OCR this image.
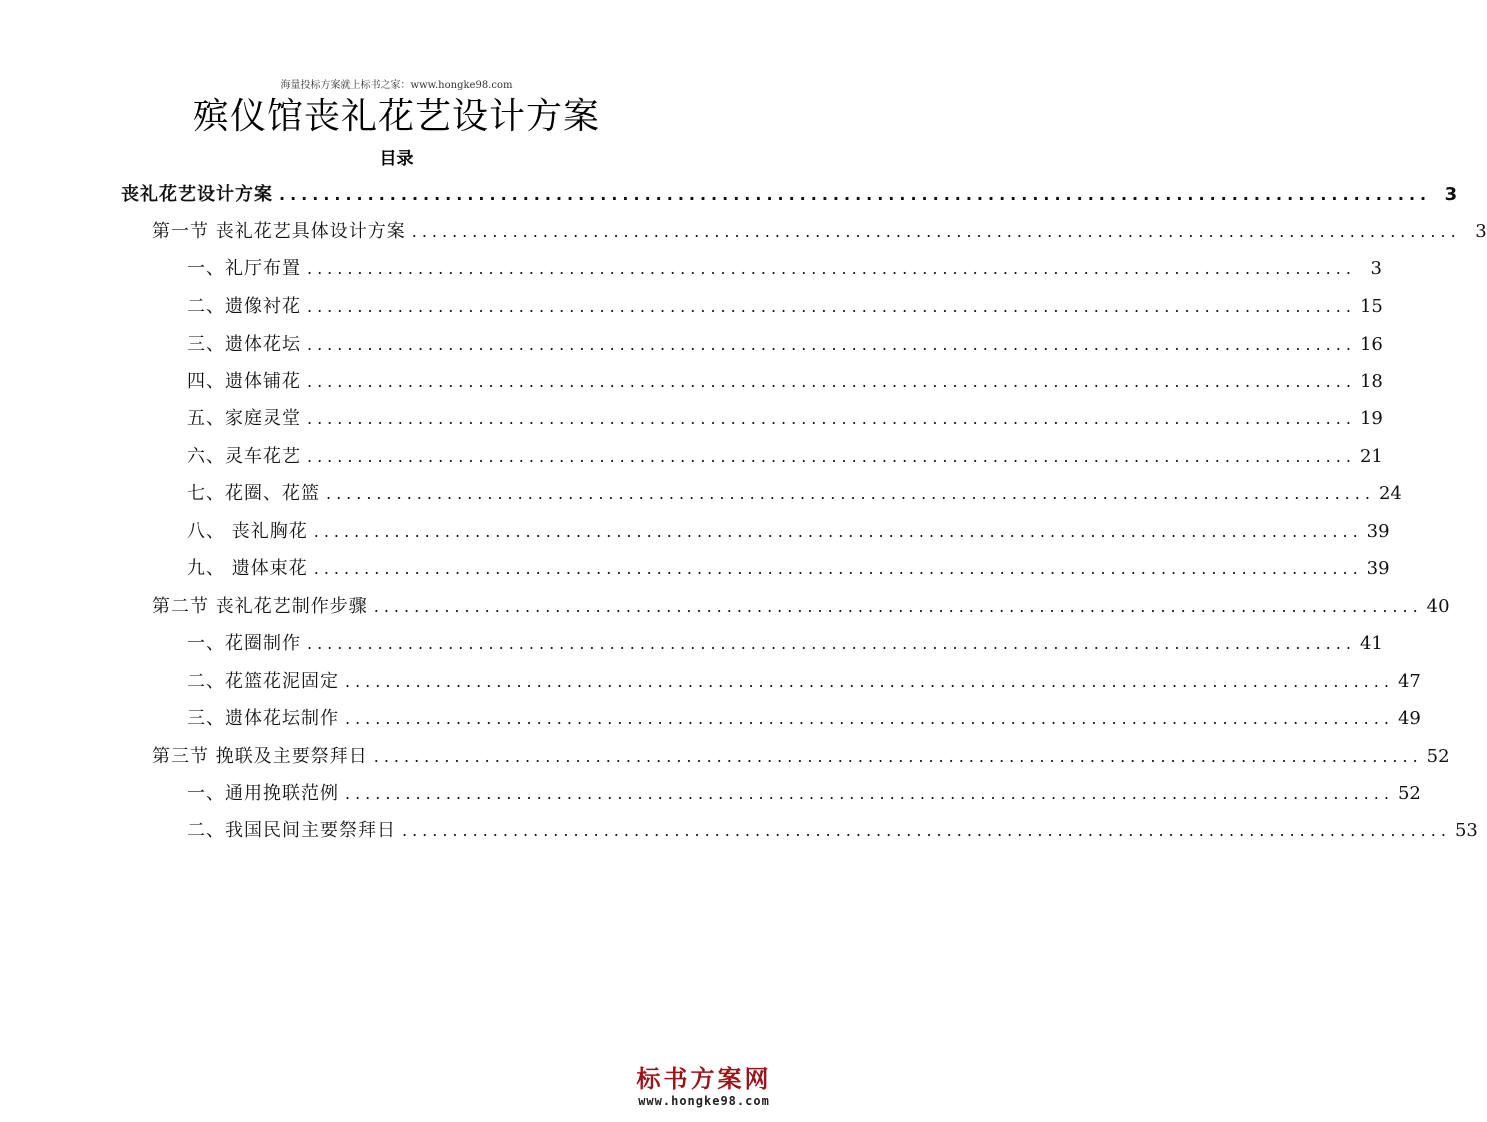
海量投标方案就上标书之家：www.hongke98.com
殡仪馆丧礼花艺设计方案
目录
丧礼花艺设计方案 ........................................................................................................ 3
第一节 丧礼花艺具体设计方案 ........................................................................................................ 3
一、礼厅布置 ........................................................................................................ 3
二、遗像衬花 ........................................................................................................ 15
三、遗体花坛 ........................................................................................................ 16
四、遗体铺花 ........................................................................................................ 18
五、家庭灵堂 ........................................................................................................ 19
六、灵车花艺 ........................................................................................................ 21
七、花圈、花篮 ........................................................................................................ 24
八、 丧礼胸花 ........................................................................................................ 39
九、 遗体束花 ........................................................................................................ 39
第二节 丧礼花艺制作步骤 ........................................................................................................ 40
一、花圈制作 ........................................................................................................ 41
二、花篮花泥固定 ........................................................................................................ 47
三、遗体花坛制作 ........................................................................................................ 49
第三节 挽联及主要祭拜日 ........................................................................................................ 52
一、通用挽联范例 ........................................................................................................ 52
二、我国民间主要祭拜日 ........................................................................................................ 53
标书方案网
www.hongke98.com
